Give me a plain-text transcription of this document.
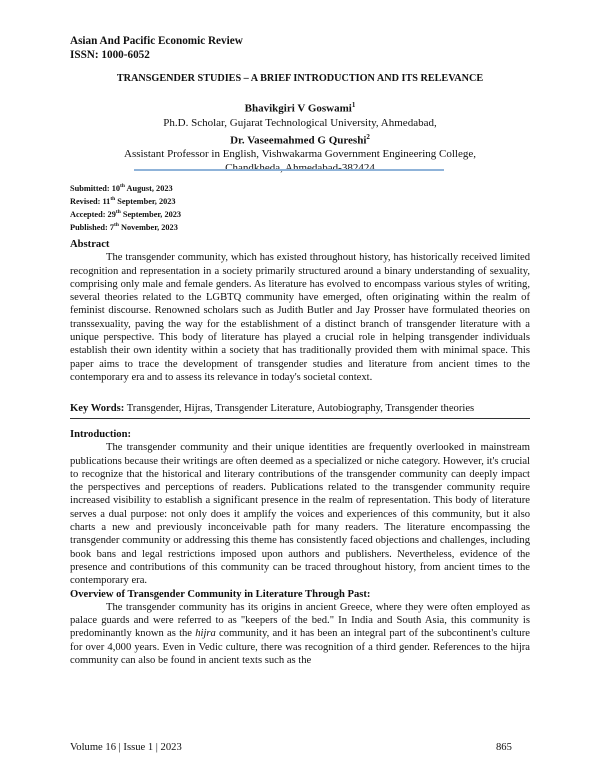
Asian And Pacific Economic Review
ISSN: 1000-6052
TRANSGENDER STUDIES – A BRIEF INTRODUCTION AND ITS RELEVANCE
Bhavikgiri V Goswami$^1$
Ph.D. Scholar, Gujarat Technological University, Ahmedabad,
Dr. Vaseemahmed G Qureshi$^2$
Assistant Professor in English, Vishwakarma Government Engineering College,
Submitted: 10th August, 2023
Revised: 11th September, 2023
Accepted: 29th September, 2023
Published: 7th November, 2023
Abstract

The transgender community, which has existed throughout history, has historically received limited recognition and representation in a society primarily structured around a binary understanding of sexuality, comprising only male and female genders. As literature has evolved to encompass various styles of writing, several theories related to the LGBTQ community have emerged, often originating within the realm of feminist discourse. Renowned scholars such as Judith Butler and Jay Prosser have formulated theories on transsexuality, paving the way for the establishment of a distinct branch of transgender literature with a unique perspective. This body of literature has played a crucial role in helping transgender individuals establish their own identity within a society that has traditionally provided them with minimal space. This paper aims to trace the development of transgender studies and literature from ancient times to the contemporary era and to assess its relevance in today's societal context.

Key Words: Transgender, Hijras, Transgender Literature, Autobiography, Transgender theories
Introduction:

The transgender community and their unique identities are frequently overlooked in mainstream publications because their writings are often deemed as a specialized or niche category. However, it's crucial to recognize that the historical and literary contributions of the transgender community can deeply impact the perspectives and perceptions of readers. Publications related to the transgender community require increased visibility to establish a significant presence in the realm of representation. This body of literature serves a dual purpose: not only does it amplify the voices and experiences of this community, but it also charts a new and previously inconceivable path for many readers. The literature encompassing the transgender community or addressing this theme has consistently faced objections and challenges, including book bans and legal restrictions imposed upon authors and publishers. Nevertheless, evidence of the presence and contributions of this community can be traced throughout history, from ancient times to the contemporary era.

Overview of Transgender Community in Literature Through Past:

The transgender community has its origins in ancient Greece, where they were often employed as palace guards and were referred to as "keepers of the bed." In India and South Asia, this community is predominantly known as the hijra community, and it has been an integral part of the subcontinent's culture for over 4,000 years. Even in Vedic culture, there was recognition of a third gender. References to the hijra community can also be found in ancient texts such as the

Volume 16 | Issue 1 | 2023	865
